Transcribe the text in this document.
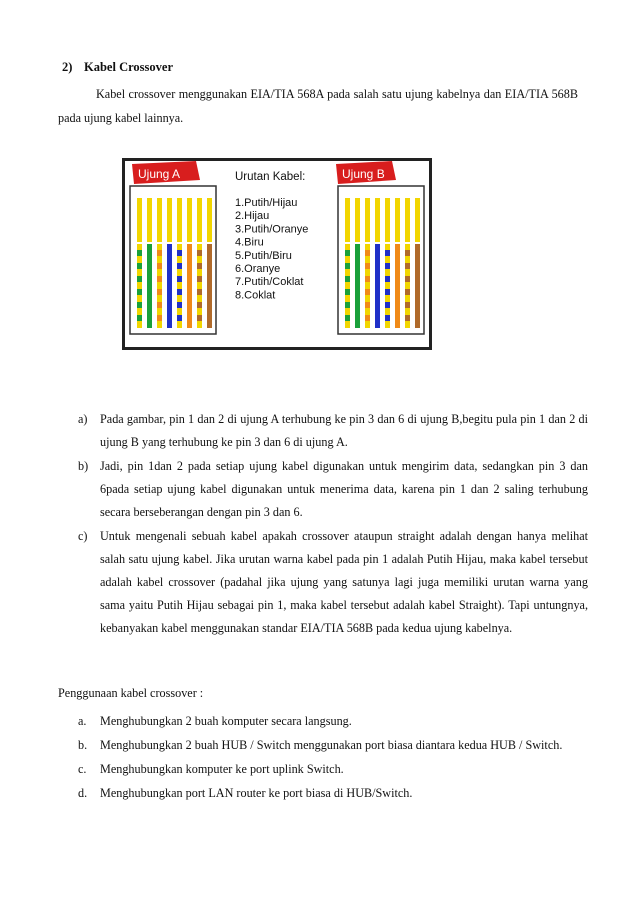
2) Kabel Crossover
Kabel crossover menggunakan EIA/TIA 568A pada salah satu ujung kabelnya dan EIA/TIA 568B pada ujung kabel lainnya.
Ujung A	Ujung B
Urutan Kabel:
1.Putih/Hijau
2.Hijau
3.Putih/Oranye
4.Biru
5.Putih/Biru
6.Oranye
7.Putih/Coklat
8.Coklat
a) Pada gambar, pin 1 dan 2 di ujung A terhubung ke pin 3 dan 6 di ujung B,begitu pula pin 1 dan 2 di ujung B yang terhubung ke pin 3 dan 6 di ujung A.
b) Jadi, pin 1dan 2 pada setiap ujung kabel digunakan untuk mengirim data, sedangkan pin 3 dan 6pada setiap ujung kabel digunakan untuk menerima data, karena pin 1 dan 2 saling terhubung secara berseberangan dengan pin 3 dan 6.
c) Untuk mengenali sebuah kabel apakah crossover ataupun straight adalah dengan hanya melihat salah satu ujung kabel. Jika urutan warna kabel pada pin 1 adalah Putih Hijau, maka kabel tersebut adalah kabel crossover (padahal jika ujung yang satunya lagi juga memiliki urutan warna yang sama yaitu Putih Hijau sebagai pin 1, maka kabel tersebut adalah kabel Straight). Tapi untungnya, kebanyakan kabel menggunakan standar EIA/TIA 568B pada kedua ujung kabelnya.
Penggunaan kabel crossover :
a. Menghubungkan 2 buah komputer secara langsung.
b. Menghubungkan 2 buah HUB / Switch menggunakan port biasa diantara kedua HUB / Switch.
c. Menghubungkan komputer ke port uplink Switch.
d. Menghubungkan port LAN router ke port biasa di HUB/Switch.
